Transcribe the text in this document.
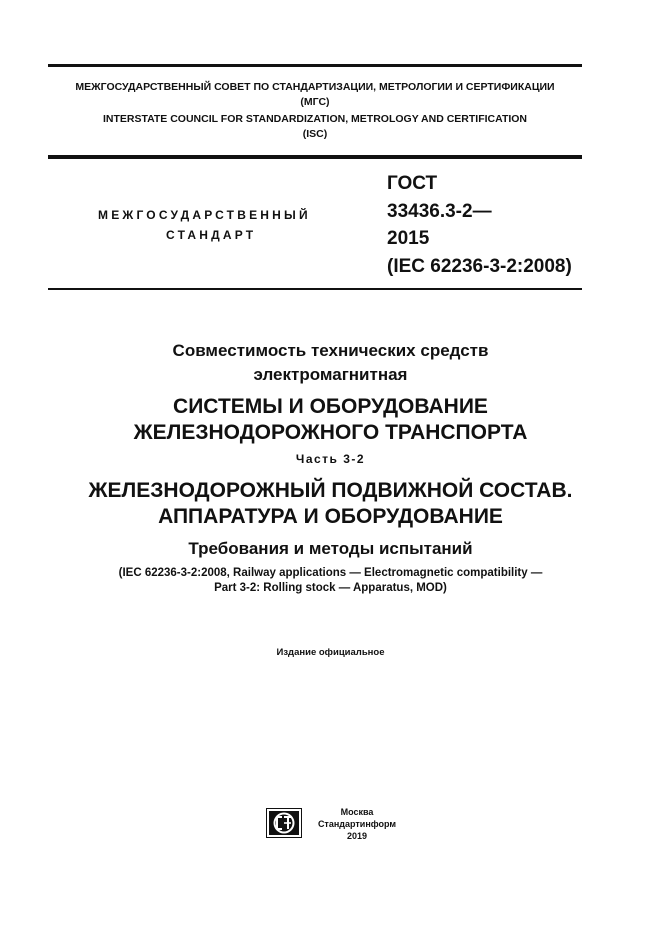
МЕЖГОСУДАРСТВЕННЫЙ СОВЕТ ПО СТАНДАРТИЗАЦИИ, МЕТРОЛОГИИ И СЕРТИФИКАЦИИ
(МГС)
INTERSTATE COUNCIL FOR STANDARDIZATION, METROLOGY AND CERTIFICATION
(ISC)
МЕЖГОСУДАРСТВЕННЫЙ
СТАНДАРТ
ГОСТ
33436.3-2—
2015
(IEC 62236-3-2:2008)
Совместимость технических средств
электромагнитная
СИСТЕМЫ И ОБОРУДОВАНИЕ
ЖЕЛЕЗНОДОРОЖНОГО ТРАНСПОРТА
Часть 3-2
ЖЕЛЕЗНОДОРОЖНЫЙ ПОДВИЖНОЙ СОСТАВ.
АППАРАТУРА И ОБОРУДОВАНИЕ
Требования и методы испытаний
(IEC 62236-3-2:2008, Railway applications — Electromagnetic compatibility —
Part 3-2: Rolling stock — Apparatus, MOD)
Издание официальное
Москва
Стандартинформ
2019
